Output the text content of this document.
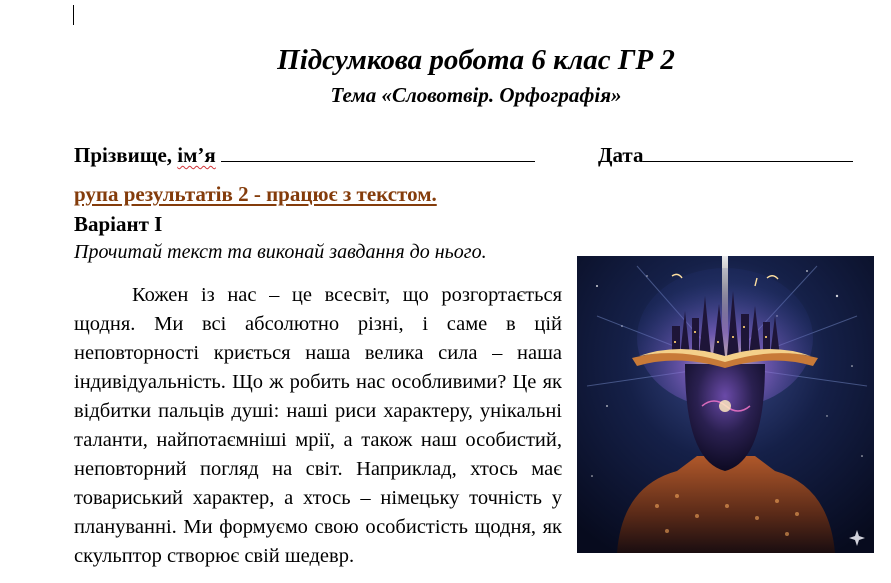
Підсумкова робота 6 клас ГР 2
Тема «Словотвір. Орфографія»
Прізвище, ім’я	Дата
рупа результатів 2 - працює з текстом.
Варіант І
Прочитай текст та виконай завдання до нього.

Кожен із нас – це всесвіт, що розгортається щодня. Ми всі абсолютно різні, і саме в цій неповторності криється наша велика сила – наша індивідуальність. Що ж робить нас особливими? Це як відбитки пальців душі: наші риси характеру, унікальні таланти, найпотаємніші мрії, а також наш особистий, неповторний погляд на світ. Наприклад, хтось має товариський характер, а хтось – німецьку точність у плануванні. Ми формуємо свою особистість щодня, як скульптор створює свій шедевр.
